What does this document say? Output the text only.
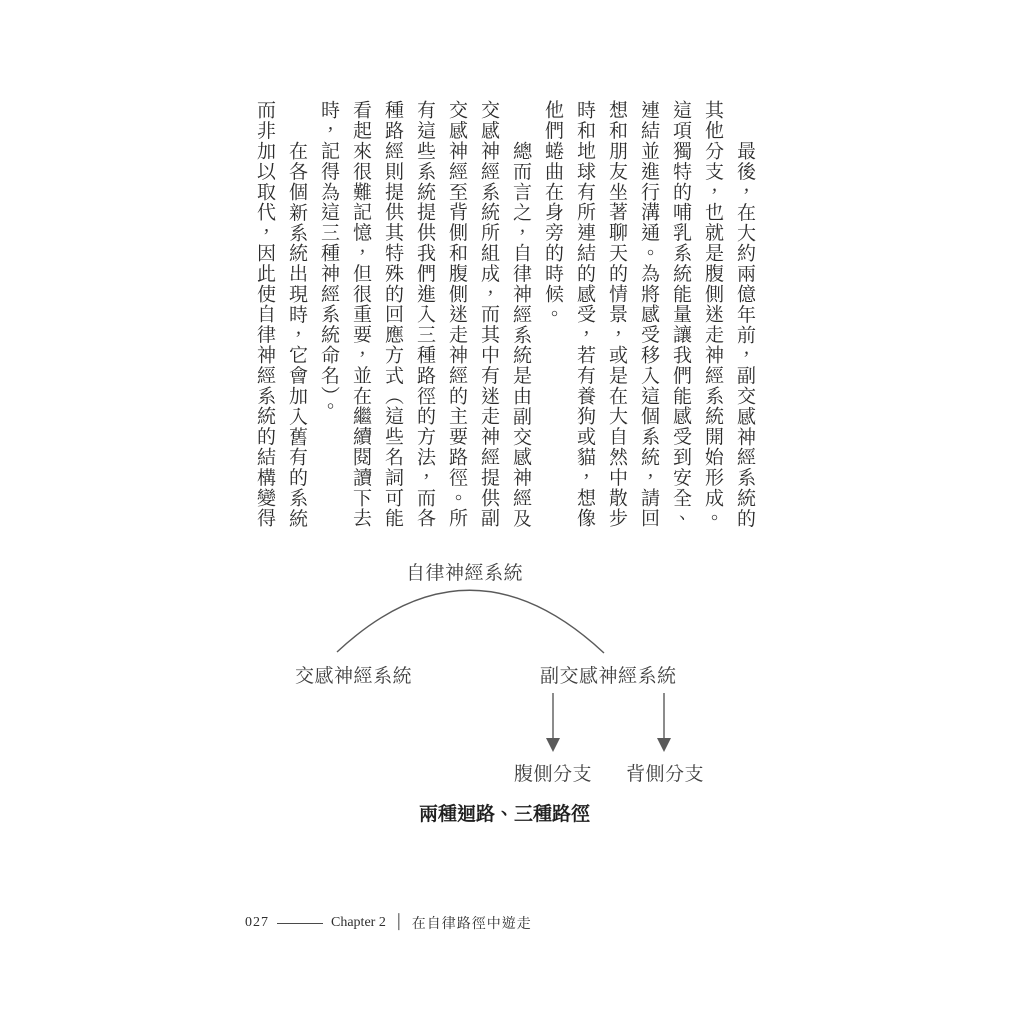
最後，在大約兩億年前，副交感神經系統的其他分支，也就是腹側迷走神經系統開始形成。這項獨特的哺乳系統能量讓我們能感受到安全、連結並進行溝通。為將感受移入這個系統，請回想和朋友坐著聊天的情景，或是在大自然中散步時和地球有所連結的感受，若有養狗或貓，想像他們蜷曲在身旁的時候。

總而言之，自律神經系統是由副交感神經及交感神經系統所組成，而其中有迷走神經提供副交感神經至背側和腹側迷走神經的主要路徑。所有這些系統提供我們進入三種路徑的方法，而各種路經則提供其特殊的回應方式（這些名詞可能看起來很難記憶，但很重要，並在繼續閱讀下去時，記得為這三種神經系統命名）。

在各個新系統出現時，它會加入舊有的系統而非加以取代，因此使自律神經系統的結構變得

自律神經系統
交感神經系統	副交感神經系統
腹側分支 背側分支
兩種迴路、三種路徑
027	Chapter 2 │ 在自律路徑中遊走
